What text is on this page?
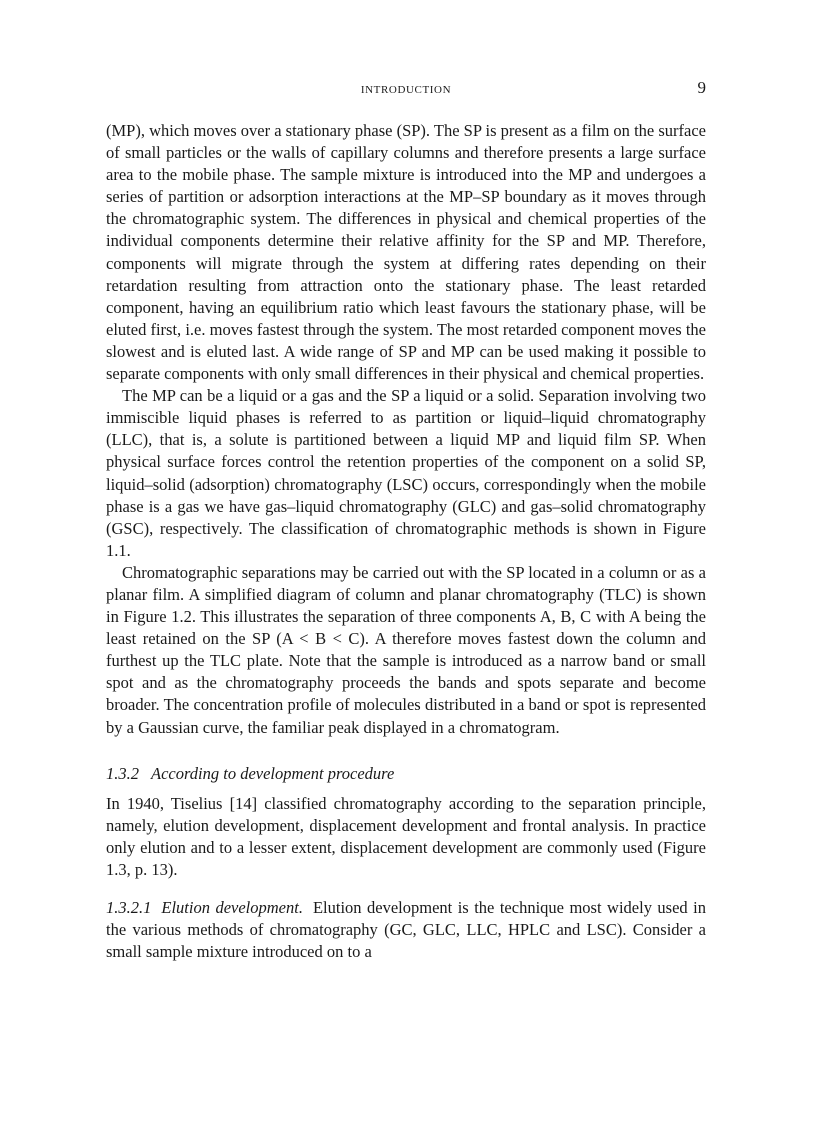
INTRODUCTION	9

(MP), which moves over a stationary phase (SP). The SP is present as a film on the surface of small particles or the walls of capillary columns and therefore presents a large surface area to the mobile phase. The sample mixture is introduced into the MP and undergoes a series of partition or adsorption interactions at the MP–SP boundary as it moves through the chromatographic system. The differences in physical and chemical properties of the individual components determine their relative affinity for the SP and MP. Therefore, components will migrate through the system at differing rates depending on their retardation resulting from attraction onto the stationary phase. The least retarded component, having an equilibrium ratio which least favours the stationary phase, will be eluted first, i.e. moves fastest through the system. The most retarded component moves the slowest and is eluted last. A wide range of SP and MP can be used making it possible to separate components with only small differences in their physical and chemical properties.

The MP can be a liquid or a gas and the SP a liquid or a solid. Separation involving two immiscible liquid phases is referred to as partition or liquid–liquid chromatography (LLC), that is, a solute is partitioned between a liquid MP and liquid film SP. When physical surface forces control the retention properties of the component on a solid SP, liquid–solid (adsorption) chromatography (LSC) occurs, correspondingly when the mobile phase is a gas we have gas–liquid chromatography (GLC) and gas–solid chromatography (GSC), respectively. The classification of chromatographic methods is shown in Figure 1.1.

Chromatographic separations may be carried out with the SP located in a column or as a planar film. A simplified diagram of column and planar chromatography (TLC) is shown in Figure 1.2. This illustrates the separation of three components A, B, C with A being the least retained on the SP (A < B < C). A therefore moves fastest down the column and furthest up the TLC plate. Note that the sample is introduced as a narrow band or small spot and as the chromatography proceeds the bands and spots separate and become broader. The concentration profile of molecules distributed in a band or spot is represented by a Gaussian curve, the familiar peak displayed in a chromatogram.

1.3.2 According to development procedure

In 1940, Tiselius [14] classified chromatography according to the separation principle, namely, elution development, displacement development and frontal analysis. In practice only elution and to a lesser extent, displacement development are commonly used (Figure 1.3, p. 13).

1.3.2.1 Elution development. Elution development is the technique most widely used in the various methods of chromatography (GC, GLC, LLC, HPLC and LSC). Consider a small sample mixture introduced on to a
